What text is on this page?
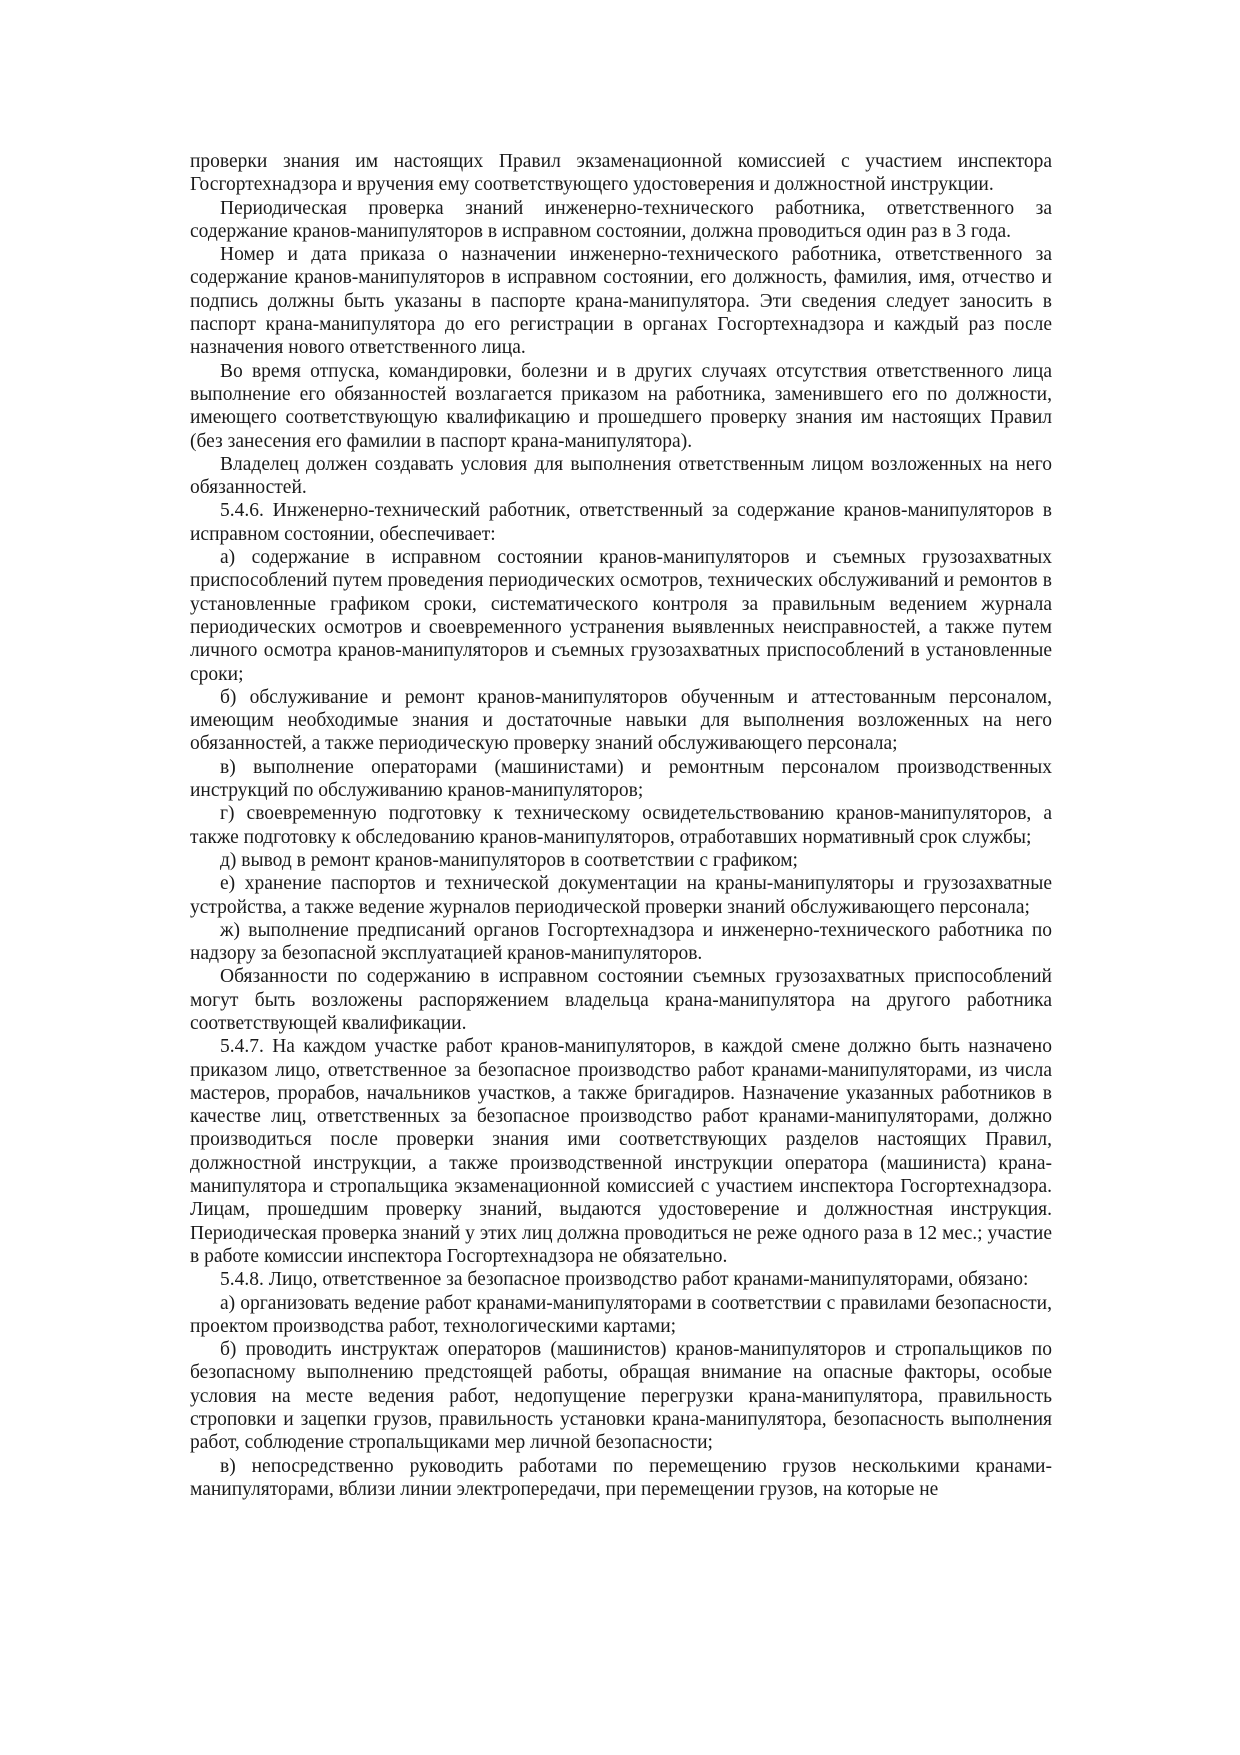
проверки знания им настоящих Правил экзаменационной комиссией с участием инспектора Госгортехнадзора и вручения ему соответствующего удостоверения и должностной инструкции.

Периодическая проверка знаний инженерно-технического работника, ответственного за содержание кранов-манипуляторов в исправном состоянии, должна проводиться один раз в 3 года.

Номер и дата приказа о назначении инженерно-технического работника, ответственного за содержание кранов-манипуляторов в исправном состоянии, его должность, фамилия, имя, отчество и подпись должны быть указаны в паспорте крана-манипулятора. Эти сведения следует заносить в паспорт крана-манипулятора до его регистрации в органах Госгортехнадзора и каждый раз после назначения нового ответственного лица.

Во время отпуска, командировки, болезни и в других случаях отсутствия ответственного лица выполнение его обязанностей возлагается приказом на работника, заменившего его по должности, имеющего соответствующую квалификацию и прошедшего проверку знания им настоящих Правил (без занесения его фамилии в паспорт крана-манипулятора).

Владелец должен создавать условия для выполнения ответственным лицом возложенных на него обязанностей.

5.4.6. Инженерно-технический работник, ответственный за содержание кранов-манипуляторов в исправном состоянии, обеспечивает:

а) содержание в исправном состоянии кранов-манипуляторов и съемных грузозахватных приспособлений путем проведения периодических осмотров, технических обслуживаний и ремонтов в установленные графиком сроки, систематического контроля за правильным ведением журнала периодических осмотров и своевременного устранения выявленных неисправностей, а также путем личного осмотра кранов-манипуляторов и съемных грузозахватных приспособлений в установленные сроки;

б) обслуживание и ремонт кранов-манипуляторов обученным и аттестованным персоналом, имеющим необходимые знания и достаточные навыки для выполнения возложенных на него обязанностей, а также периодическую проверку знаний обслуживающего персонала;

в) выполнение операторами (машинистами) и ремонтным персоналом производственных инструкций по обслуживанию кранов-манипуляторов;

г) своевременную подготовку к техническому освидетельствованию кранов-манипуляторов, а также подготовку к обследованию кранов-манипуляторов, отработавших нормативный срок службы;

д) вывод в ремонт кранов-манипуляторов в соответствии с графиком;

е) хранение паспортов и технической документации на краны-манипуляторы и грузозахватные устройства, а также ведение журналов периодической проверки знаний обслуживающего персонала;

ж) выполнение предписаний органов Госгортехнадзора и инженерно-технического работника по надзору за безопасной эксплуатацией кранов-манипуляторов.

Обязанности по содержанию в исправном состоянии съемных грузозахватных приспособлений могут быть возложены распоряжением владельца крана-манипулятора на другого работника соответствующей квалификации.

5.4.7. На каждом участке работ кранов-манипуляторов, в каждой смене должно быть назначено приказом лицо, ответственное за безопасное производство работ кранами-манипуляторами, из числа мастеров, прорабов, начальников участков, а также бригадиров. Назначение указанных работников в качестве лиц, ответственных за безопасное производство работ кранами-манипуляторами, должно производиться после проверки знания ими соответствующих разделов настоящих Правил, должностной инструкции, а также производственной инструкции оператора (машиниста) крана-манипулятора и стропальщика экзаменационной комиссией с участием инспектора Госгортехнадзора. Лицам, прошедшим проверку знаний, выдаются удостоверение и должностная инструкция. Периодическая проверка знаний у этих лиц должна проводиться не реже одного раза в 12 мес.; участие в работе комиссии инспектора Госгортехнадзора не обязательно.

5.4.8. Лицо, ответственное за безопасное производство работ кранами-манипуляторами, обязано:

а) организовать ведение работ кранами-манипуляторами в соответствии с правилами безопасности, проектом производства работ, технологическими картами;

б) проводить инструктаж операторов (машинистов) кранов-манипуляторов и стропальщиков по безопасному выполнению предстоящей работы, обращая внимание на опасные факторы, особые условия на месте ведения работ, недопущение перегрузки крана-манипулятора, правильность строповки и зацепки грузов, правильность установки крана-манипулятора, безопасность выполнения работ, соблюдение стропальщиками мер личной безопасности;

в) непосредственно руководить работами по перемещению грузов несколькими кранами-манипуляторами, вблизи линии электропередачи, при перемещении грузов, на которые не
